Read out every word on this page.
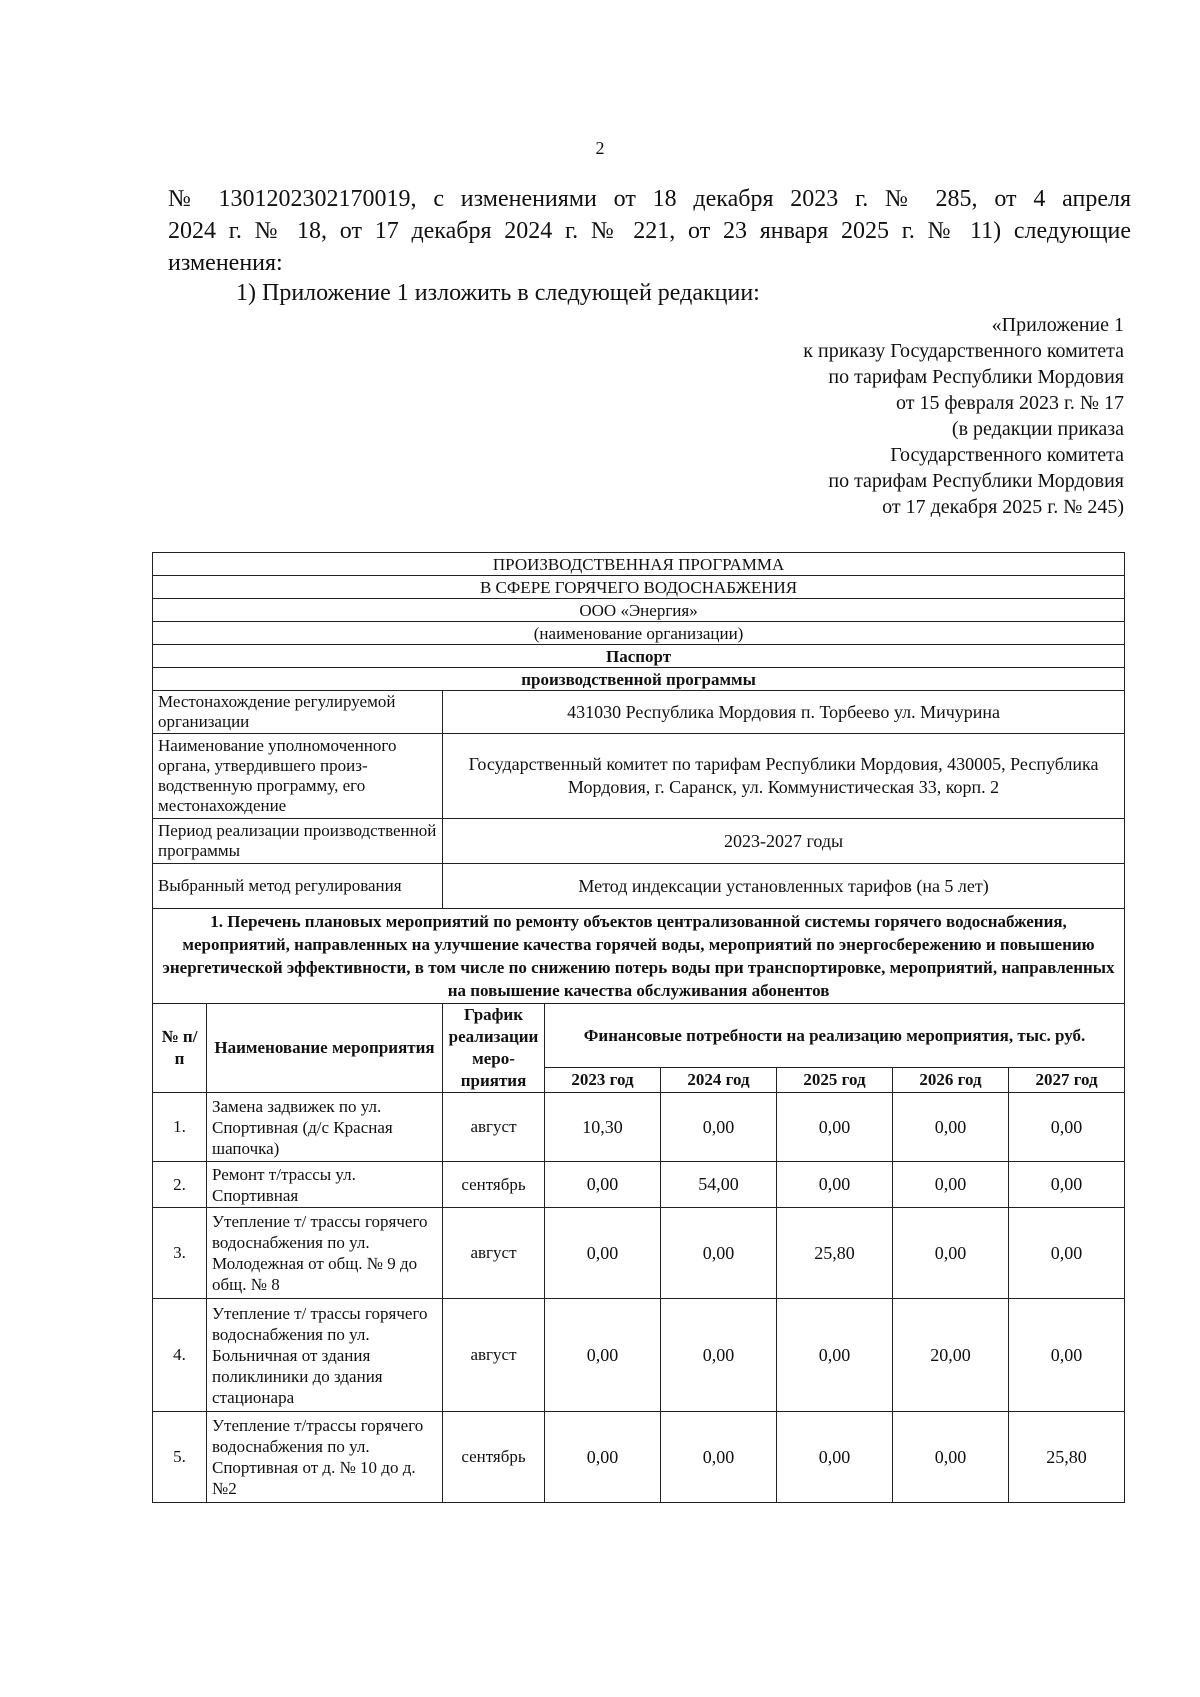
2
№ 1301202302170019, с изменениями от 18 декабря 2023 г. № 285, от 4 апреля
2024 г. № 18, от 17 декабря 2024 г. № 221, от 23 января 2025 г. № 11) следующие
изменения:
1) Приложение 1 изложить в следующей редакции:
«Приложение 1
к приказу Государственного комитета
по тарифам Республики Мордовия
от 15 февраля 2023 г. № 17
(в редакции приказа
Государственного комитета
по тарифам Республики Мордовия
от 17 декабря 2025 г. № 245)
ПРОИЗВОДСТВЕННАЯ ПРОГРАММА							
В СФЕРЕ ГОРЯЧЕГО ВОДОСНАБЖЕНИЯ							
ООО «Энергия»							
(наименование организации)							
Паспорт							
производственной программы							
Местонахождение регулируемой организации		431030 Республика Мордовия п. Торбеево ул. Мичурина					
Наименование уполномоченного органа, утвердившего произ-водственную программу, его местонахождение		Государственный комитет по тарифам Республики Мордовия, 430005, Республика Мордовия, г. Саранск, ул. Коммунистическая 33, корп. 2					
Период реализации производственной программы		2023-2027 годы					
Выбранный метод регулирования		Метод индексации установленных тарифов (на 5 лет)					
1. Перечень плановых мероприятий по ремонту объектов централизованной системы горячего водоснабжения, мероприятий, направленных на улучшение качества горячей воды, мероприятий по энергосбережению и повышению энергетической эффективности, в том числе по снижению потерь воды при транспортировке, мероприятий, направленных на повышение качества обслуживания абонентов							
№ п/п	Наименование мероприятия	График реализации меро-приятия	Финансовые потребности на реализацию мероприятия, тыс. руб.				
			2023 год	2024 год	2025 год	2026 год	2027 год
1.	Замена задвижек по ул. Спортивная (д/с Красная шапочка)	август	10,30	0,00	0,00	0,00	0,00
2.	Ремонт т/трассы ул. Спортивная	сентябрь	0,00	54,00	0,00	0,00	0,00
3.	Утепление т/ трассы горячего водоснабжения по ул. Молодежная от общ. № 9 до общ. № 8	август	0,00	0,00	25,80	0,00	0,00
4.	Утепление т/ трассы горячего водоснабжения по ул. Больничная от здания поликлиники до здания стационара	август	0,00	0,00	0,00	20,00	0,00
5.	Утепление т/трассы горячего водоснабжения по ул. Спортивная от д. № 10 до д. №2	сентябрь	0,00	0,00	0,00	0,00	25,80
